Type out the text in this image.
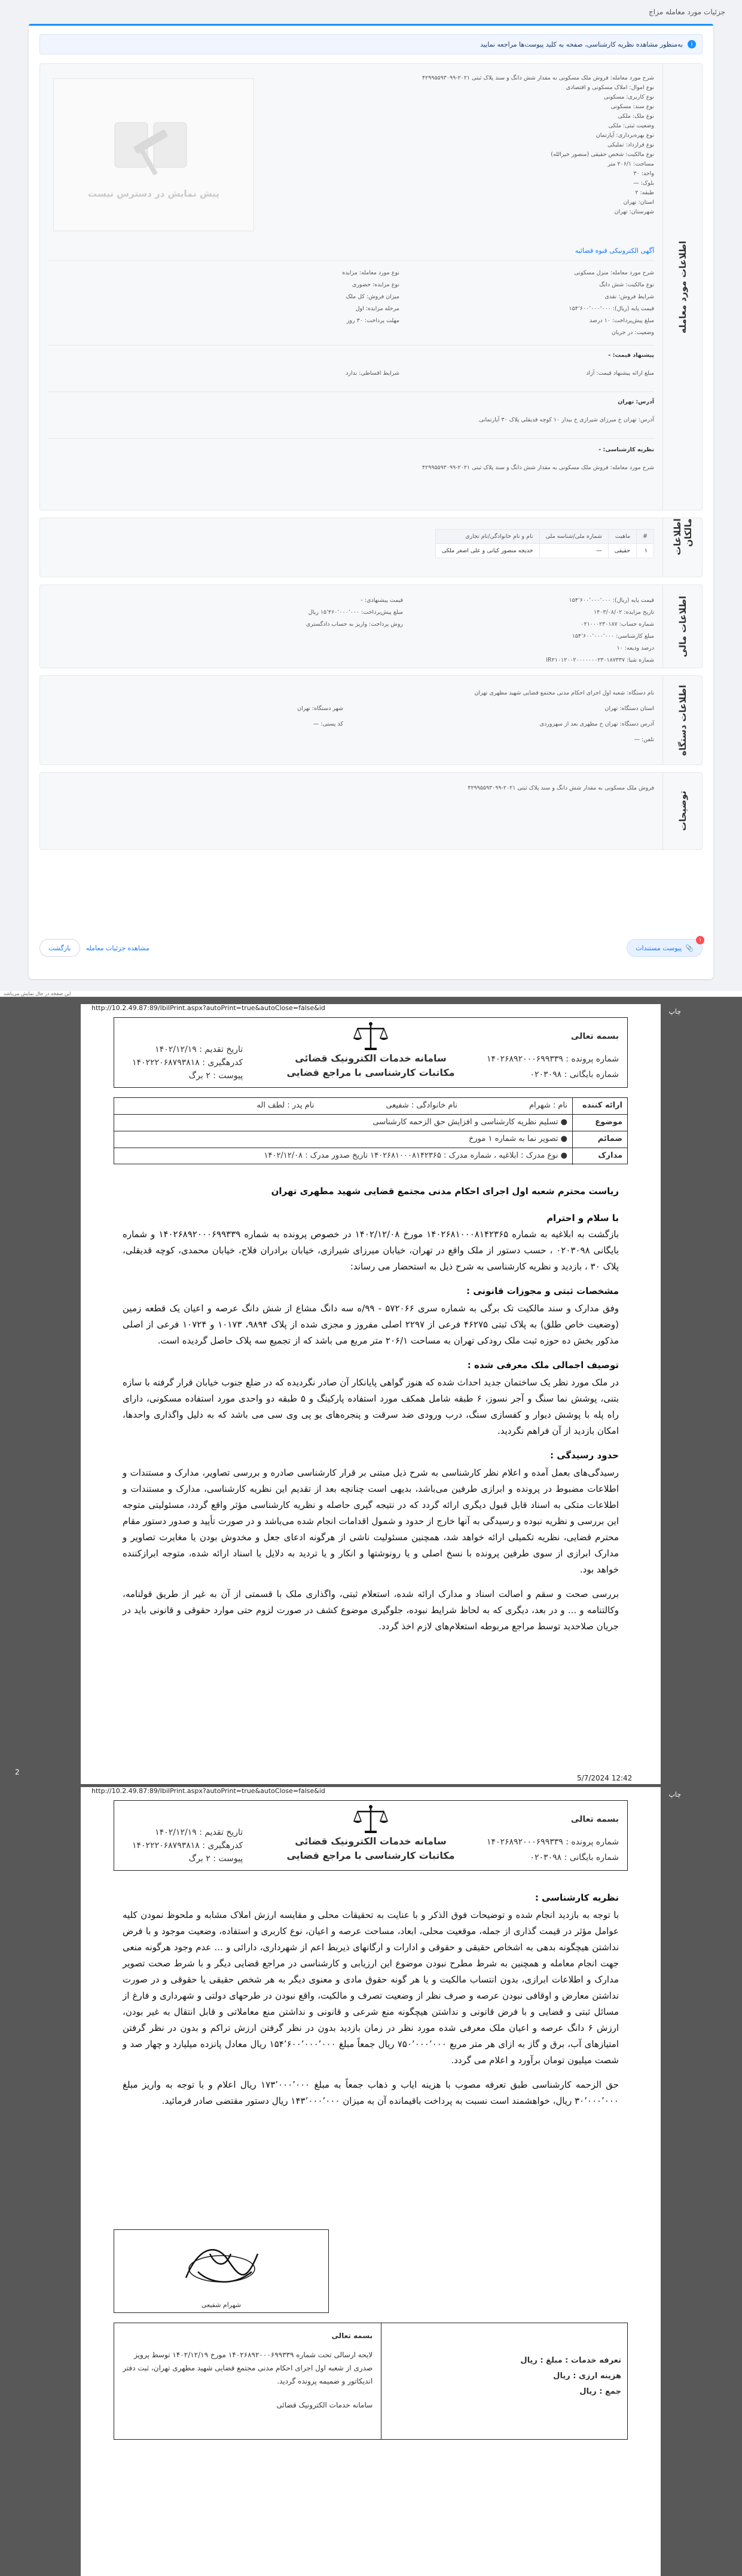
جزئیات مورد معامله مزاج
i
به‌منظور مشاهده نظریه کارشناسی، صفحه به کلید پیوست‌ها مراجعه نمایید
اطلاعات مورد معامله
شرح مورد معامله: فروش ملک مسکونی به مقدار شش دانگ و سند پلاک ثبتی ۲۰۲۱-۴۲۹۹۵۵۹۳۰۹۹
نوع اموال: املاک مسکونی و اقتصادی
نوع کاربری: مسکونی
نوع سند: مسکونی
نوع ملک: ملکی
وضعیت ثبتی: ملکی
نوع بهره‌برداری: آپارتمان
نوع قرارداد: تملیکی
نوع مالکیت: شخص حقیقی (منصور خیرالله)
مساحت: ۲۰۶/۱ متر
واحد: ۳۰
بلوک: —
طبقه: ۲
استان: تهران
شهرستان: تهران
پیش نمایش در دسترس نیست
آگهی الکترونیکی قبوه قضائیه
شرح مورد معامله: منزل مسکونی
نوع مالکیت: شش دانگ
شرایط فروش: نقدی
قیمت پایه (ریال): ۱۵۴٬۶۰۰٬۰۰۰٬۰۰۰
مبلغ پیش‌پرداخت: ۱۰ درصد
وضعیت: در جریان
نوع مورد معامله: مزایده
نوع مزایده: حضوری
میزان فروش: کل ملک
مرحله مزایده: اول
مهلت پرداخت: ۳۰ روز
پیشنهاد قیمت: -
مبلغ ارائه پیشنهاد قیمت: آزاد
شرایط اقساطی: ندارد
آدرس: تهران
آدرس: تهران خ میرزای شیرازی خ بیدار ۱۰ کوچه قدیقلی پلاک ۳۰ آپارتمانی
نظریه کارشناسی: -
شرح مورد معامله: فروش ملک مسکونی به مقدار شش دانگ و سند پلاک ثبتی ۲۰۲۱-۴۲۹۹۵۵۹۳۰۹۹
اطلاعات مالکان
#	ماهیت	شماره ملی/شناسه ملی	نام و نام خانوادگی/نام تجاری
۱	حقیقی	—	خدیجه منصور کیانی و علی اصغر ملکی
اطلاعات مالی
قیمت پایه (ریال): ۱۵۴٬۶۰۰٬۰۰۰٬۰۰۰
تاریخ مزایده: ۱۴۰۳/۰۸/۰۲
شماره حساب: ۰۲۱۰۰۰۲۳۰۱۸۷
مبلغ کارشناسی: ۱۵۴٬۶۰۰٬۰۰۰٬۰۰۰
درصد ودیعه: ۱۰
شماره شبا: IR۲۱۰۱۲۰۰۲۰۰۰۰۰۰۰۲۳۰۱۸۷۳۳۷
قیمت پیشنهادی: -
مبلغ پیش‌پرداخت: ۱۵٬۴۶۰٬۰۰۰٬۰۰۰ ریال
روش پرداخت: واریز به حساب دادگستری
اطلاعات دستگاه
نام دستگاه: شعبه اول اجرای احکام مدنی مجتمع قضایی شهید مطهری تهران
استان دستگاه: تهران
آدرس دستگاه: تهران خ مطهری بعد از سهروردی
تلفن: —
شهر دستگاه: تهران
کد پستی: —
توضیحات
فروش ملک مسکونی به مقدار شش دانگ و سند پلاک ثبتی ۲۰۲۱-۴۲۹۹۵۵۹۳۰۹۹
۱
📎
پیوست مستندات
مشاهده جزئیات معامله
بازگشت
این صفحه در حال نمایش می‌باشد
http://10.2.49.87:89/IbiIPrint.aspx?autoPrint=true&autoClose=false&id	چاپ
بسمه تعالی
شماره پرونده : ۱۴۰۲۶۸۹۲۰۰۰۶۹۹۳۳۹
شماره بایگانی : ۰۲۰۳۰۹۸
سامانه خدمات الکترونیک قضائی
مکاتبات کارشناسی با مراجع قضایی
تاریخ تقدیم : ۱۴۰۲/۱۲/۱۹
کدرهگیری : ۱۴۰۲۲۲۰۶۸۷۹۳۸۱۸
پیوست : ۲ برگ
ارائه کننده
نام : شهرام
نام خانوادگی : شفیعی
نام پدر : لطف اله
موضوع
● تسلیم نظریه کارشناسی و افزایش حق الزحمه کارشناسی
ضمائم
● تصویر نما به شماره ۱ مورخ
مدارک
● نوع مدرک : ابلاغیه ، شماره مدرک : ۱۴۰۲۶۸۱۰۰۰۸۱۴۲۳۶۵ تاریخ صدور مدرک : ۱۴۰۲/۱۲/۰۸
ریاست محترم شعبه اول اجرای احکام مدنی مجتمع قضایی شهید مطهری تهران

با سلام و احترام

بازگشت به ابلاغیه به شماره ۱۴۰۲۶۸۱۰۰۰۸۱۴۲۳۶۵ مورخ ۱۴۰۲/۱۲/۰۸ در خصوص پرونده به شماره ۱۴۰۲۶۸۹۲۰۰۰۶۹۹۳۳۹ و شماره بایگانی ۰۲۰۳۰۹۸ ، حسب دستور از ملک واقع در تهران، خیابان میرزای شیرازی، خیابان برادران فلاح، خیابان محمدی، کوچه قدیقلی، پلاک ۳۰ ، بازدید و نظریه کارشناسی به شرح ذیل به استحضار می رساند:

مشخصات ثبتی و مجوزات قانونی :

وفق مدارک و سند مالکیت تک برگی به شماره سری ۵۷۲۰۶۶ - ۹۹/ه سه دانگ مشاع از شش دانگ عرصه و اعیان یک قطعه زمین (وضعیت خاص طلق) به پلاک ثبتی ۴۶۲۷۵ فرعی از ۲۲۹۷ اصلی مفروز و مجزی شده از پلاک ۹۸۹۴، ۱۰۱۷۳ و ۱۰۷۲۴ فرعی از اصلی مذکور بخش ده حوزه ثبت ملک رودکی تهران به مساحت ۲۰۶/۱ متر مربع می باشد که از تجمیع سه پلاک حاصل گردیده است.

توصیف اجمالی ملک معرفی شده :

در ملک مورد نظر یک ساختمان جدید احداث شده که هنوز گواهی پایانکار آن صادر نگردیده که در ضلع جنوب خیابان قرار گرفته با سازه بتنی، پوشش نما سنگ و آجر نسوز، ۶ طبقه شامل همکف مورد استفاده پارکینگ و ۵ طبقه دو واحدی مورد استفاده مسکونی، دارای راه پله با پوشش دیوار و کفسازی سنگ، درب ورودی ضد سرقت و پنجره‌های یو پی وی سی می باشد که به دلیل واگذاری واحدها، امکان بازدید از آن فراهم نگردید.

حدود رسیدگی :

رسیدگی‌های بعمل آمده و اعلام نظر کارشناسی به شرح ذیل مبتنی بر قرار کارشناسی صادره و بررسی تصاویر، مدارک و مستندات و اطلاعات مضبوط در پرونده و ابرازی طرفین می‌باشد، بدیهی است چنانچه بعد از تقدیم این نظریه کارشناسی، مدارک و مستندات و اطلاعات متکی به اسناد قابل قبول دیگری ارائه گردد که در نتیجه گیری حاصله و نظریه کارشناسی مؤثر واقع گردد، مسئولیتی متوجه این بررسی و نظریه نبوده و رسیدگی به آنها خارج از حدود و شمول اقدامات انجام شده می‌باشد و در صورت تأیید و صدور دستور مقام محترم قضایی، نظریه تکمیلی ارائه خواهد شد، همچنین مسئولیت ناشی از هرگونه ادعای جعل و مخدوش بودن یا مغایرت تصاویر و مدارک ابرازی از سوی طرفین پرونده با نسخ اصلی و یا رونوشتها و انکار و یا تردید به دلایل یا اسناد ارائه شده، متوجه ابرازکننده خواهد بود.

بررسی صحت و سقم و اصالت اسناد و مدارک ارائه شده، استعلام ثبتی، واگذاری ملک با قسمتی از آن به غیر از طریق قولنامه، وکالتنامه و ... و در بعد، دیگری که به لحاظ شرایط نبوده، جلوگیری موضوع کشف در صورت لزوم حتی موارد حقوقی و قانونی باید در جریان صلاحدید توسط مراجع مربوطه استعلام‌های لازم اخذ گردد.

2
5/7/2024 12:42
http://10.2.49.87:89/IbiIPrint.aspx?autoPrint=true&autoClose=false&id	چاپ
بسمه تعالی
شماره پرونده : ۱۴۰۲۶۸۹۲۰۰۰۶۹۹۳۳۹
شماره بایگانی : ۰۲۰۳۰۹۸
سامانه خدمات الکترونیک قضائی
مکاتبات کارشناسی با مراجع قضایی
تاریخ تقدیم : ۱۴۰۲/۱۲/۱۹
کدرهگیری : ۱۴۰۲۲۲۰۶۸۷۹۳۸۱۸
پیوست : ۲ برگ
نظریه کارشناسی :

با توجه به بازدید انجام شده و توضیحات فوق الذکر و با عنایت به تحقیقات محلی و مقایسه ارزش املاک مشابه و ملحوظ نمودن کلیه عوامل مؤثر در قیمت گذاری از جمله، موقعیت محلی، ابعاد، مساحت عرصه و اعیان، نوع کاربری و استفاده، وضعیت موجود و با فرض نداشتن هیچگونه بدهی به اشخاص حقیقی و حقوقی و ادارات و ارگانهای ذیربط اعم از شهرداری، دارائی و ... عدم وجود هرگونه منعی جهت انجام معامله و همچنین به شرط مطرح نبودن موضوع این ارزیابی و کارشناسی در مراجع قضایی دیگر و با شرط صحت تصویر مدارک و اطلاعات ابرازی، بدون انتساب مالکیت و یا هر گونه حقوق مادی و معنوی دیگر به هر شخص حقیقی یا حقوقی و در صورت نداشتن معارض و اوقافی نبودن عرصه و صرف نظر از وضعیت تصرف و مالکیت، واقع نبودن در طرحهای دولتی و شهرداری و فارغ از مسائل ثبتی و قضایی و با فرض قانونی و نداشتن هیچگونه منع شرعی و قانونی و نداشتن منع معاملاتی و قابل انتقال به غیر بودن، ارزش ۶ دانگ عرصه و اعیان ملک معرفی شده مورد نظر در زمان بازدید بدون در نظر گرفتن ارزش تراکم و بدون در نظر گرفتن امتیازهای آب، برق و گاز به ازای هر متر مربع ۷۵۰٬۰۰۰٬۰۰۰ ریال جمعاً مبلغ ۱۵۴٬۶۰۰٬۰۰۰٬۰۰۰ ریال معادل پانزده میلیارد و چهار صد و شصت میلیون تومان برآورد و اعلام می گردد.

حق الزحمه کارشناسی طبق تعرفه مصوب با هزینه ایاب و ذهاب جمعاً به مبلغ ۱۷۳٬۰۰۰٬۰۰۰ ریال اعلام و با توجه به واریز مبلغ ۳۰٬۰۰۰٬۰۰۰ ریال، خواهشمند است نسبت به پرداخت باقیمانده آن به میزان ۱۴۳٬۰۰۰٬۰۰۰ ریال دستور مقتضی صادر فرمائید.

شهرام شفیعی
تعرفه خدمات : مبلغ : ریال
هزینه ارزی : ریال
جمع : ریال
بسمه تعالی
لایحه ارسالی تحت شماره ۱۴۰۲۶۸۹۲۰۰۰۶۹۹۳۳۹ مورخ ۱۴۰۲/۱۲/۱۹ توسط پرویز صدری از شعبه اول اجرای احکام مدنی مجتمع قضایی شهید مطهری تهران، ثبت دفتر اندیکاتور و ضمیمه پرونده گردید.
سامانه خدمات الکترونیک قضائی
